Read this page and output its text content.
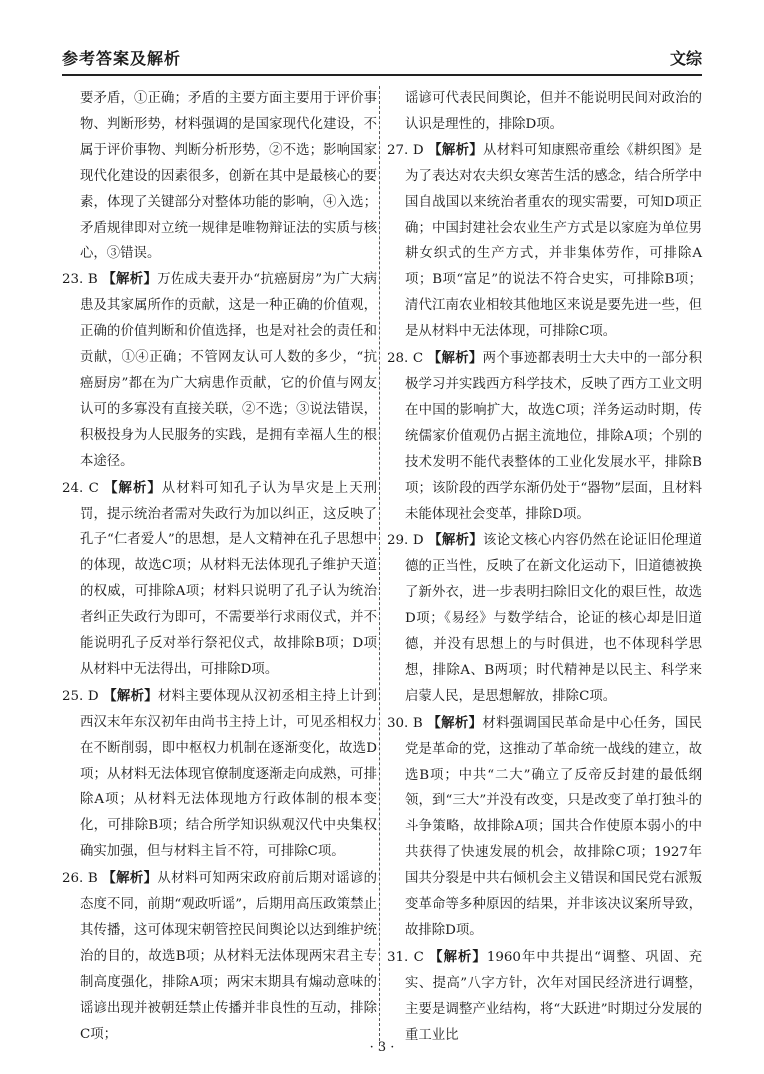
参考答案及解析	文综

要矛盾，①正确；矛盾的主要方面主要用于评价事物、判断形势，材料强调的是国家现代化建设，不属于评价事物、判断分析形势，②不选；影响国家现代化建设的因素很多，创新在其中是最核心的要素，体现了关键部分对整体功能的影响，④入选；矛盾规律即对立统一规律是唯物辩证法的实质与核心，③错误。

23. B 【解析】万佐成夫妻开办“抗癌厨房”为广大病患及其家属所作的贡献，这是一种正确的价值观，正确的价值判断和价值选择，也是对社会的责任和贡献，①④正确；不管网友认可人数的多少，“抗癌厨房”都在为广大病患作贡献，它的价值与网友认可的多寡没有直接关联，②不选；③说法错误，积极投身为人民服务的实践，是拥有幸福人生的根本途径。

24. C 【解析】从材料可知孔子认为旱灾是上天刑罚，提示统治者需对失政行为加以纠正，这反映了孔子“仁者爱人”的思想，是人文精神在孔子思想中的体现，故选C项；从材料无法体现孔子维护天道的权威，可排除A项；材料只说明了孔子认为统治者纠正失政行为即可，不需要举行求雨仪式，并不能说明孔子反对举行祭祀仪式，故排除B项；D项从材料中无法得出，可排除D项。

25. D 【解析】材料主要体现从汉初丞相主持上计到西汉末年东汉初年由尚书主持上计，可见丞相权力在不断削弱，即中枢权力机制在逐渐变化，故选D项；从材料无法体现官僚制度逐渐走向成熟，可排除A项；从材料无法体现地方行政体制的根本变化，可排除B项；结合所学知识纵观汉代中央集权确实加强，但与材料主旨不符，可排除C项。

26. B 【解析】从材料可知两宋政府前后期对谣谚的态度不同，前期“观政听谣”，后期用高压政策禁止其传播，这可体现宋朝管控民间舆论以达到维护统治的目的，故选B项；从材料无法体现两宋君主专制高度强化，排除A项；两宋末期具有煽动意味的谣谚出现并被朝廷禁止传播并非良性的互动，排除C项；

谣谚可代表民间舆论，但并不能说明民间对政治的认识是理性的，排除D项。

27. D 【解析】从材料可知康熙帝重绘《耕织图》是为了表达对农夫织女寒苦生活的感念，结合所学中国自战国以来统治者重农的现实需要，可知D项正确；中国封建社会农业生产方式是以家庭为单位男耕女织式的生产方式，并非集体劳作，可排除A项；B项“富足”的说法不符合史实，可排除B项；清代江南农业相较其他地区来说是要先进一些，但是从材料中无法体现，可排除C项。

28. C 【解析】两个事迹都表明士大夫中的一部分积极学习并实践西方科学技术，反映了西方工业文明在中国的影响扩大，故选C项；洋务运动时期，传统儒家价值观仍占据主流地位，排除A项；个别的技术发明不能代表整体的工业化发展水平，排除B项；该阶段的西学东渐仍处于“器物”层面，且材料未能体现社会变革，排除D项。

29. D 【解析】该论文核心内容仍然在论证旧伦理道德的正当性，反映了在新文化运动下，旧道德被换了新外衣，进一步表明扫除旧文化的艰巨性，故选D项；《易经》与数学结合，论证的核心却是旧道德，并没有思想上的与时俱进，也不体现科学思想，排除A、B两项；时代精神是以民主、科学来启蒙人民，是思想解放，排除C项。

30. B 【解析】材料强调国民革命是中心任务，国民党是革命的党，这推动了革命统一战线的建立，故选B项；中共“二大”确立了反帝反封建的最低纲领，到“三大”并没有改变，只是改变了单打独斗的斗争策略，故排除A项；国共合作使原本弱小的中共获得了快速发展的机会，故排除C项；1927年国共分裂是中共右倾机会主义错误和国民党右派叛变革命等多种原因的结果，并非该决议案所导致，故排除D项。

31. C 【解析】1960年中共提出“调整、巩固、充实、提高”八字方针，次年对国民经济进行调整，主要是调整产业结构，将“大跃进”时期过分发展的重工业比

· 3 ·
